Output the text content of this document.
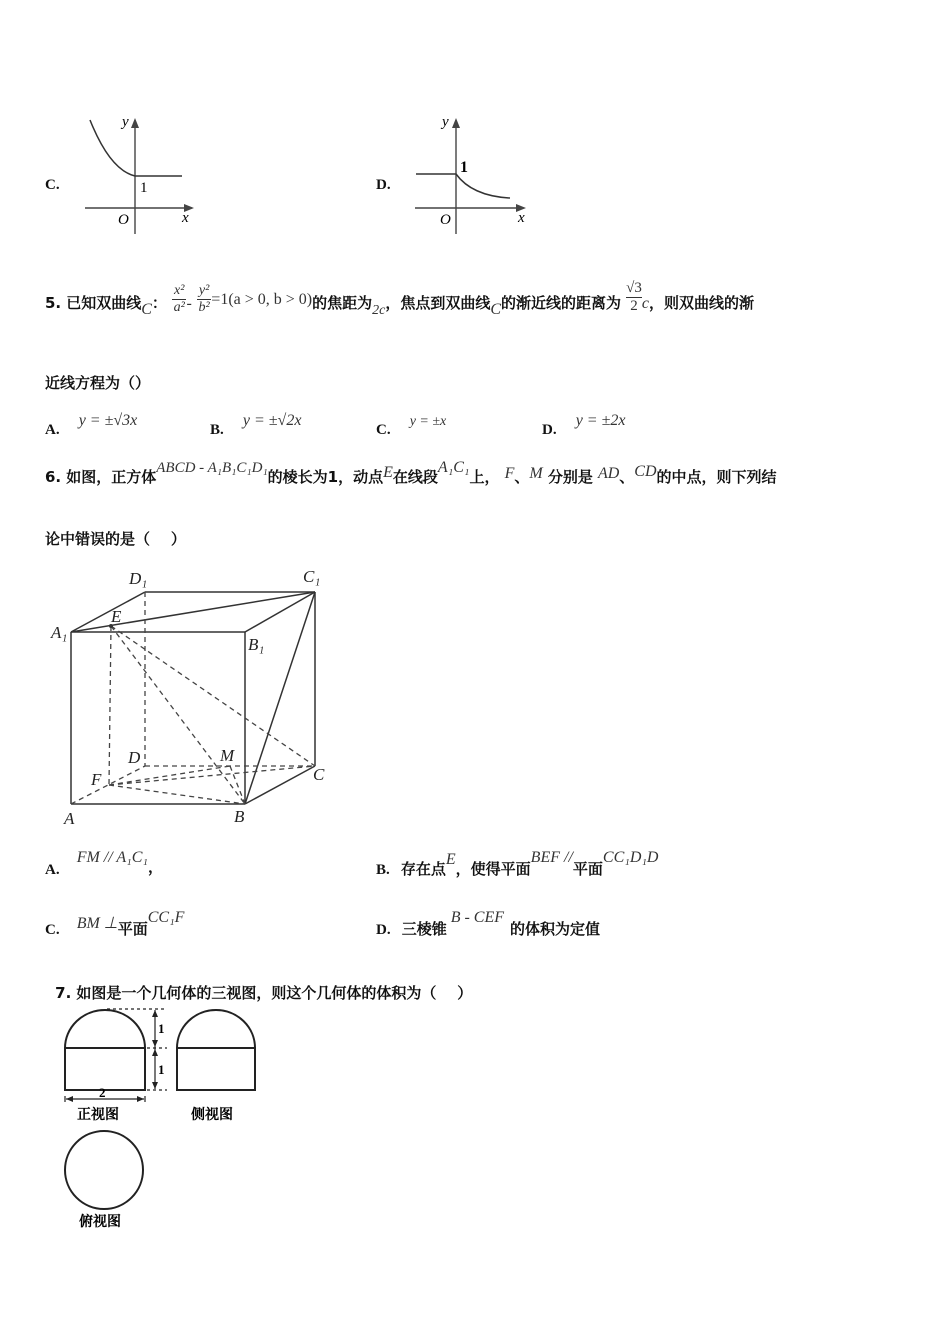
C.
y
x
O
1	D.
y
x
O
1
5. 已知双曲线C： $\frac{\text{x²}}{\text{a²}} - \frac{\text{y²}}{\text{b²}} =1(a > 0$, b > 0)的焦距为2c，焦点到双曲线C的渐近线的距离为 $\frac{√3}{2}$ c，则双曲线的渐
近线方程为（）
A. y = ±√3x
B. y = ±√2x
C. y = ±x
D. y = ±2x
6. 如图，正方体ABCD - A₁B₁C₁D₁的棱长为1，动点E在线段A₁C₁上， F、M 分别是 AD、CD的中点，则下列结
论中错误的是（    ）
D₁	C₁
A₁
B₁
E
D	M
F	C
A	B
A. FM // A₁C₁，	B. 存在点E，使得平面BEF //平面CC₁D₁D
C. BM ⊥平面CC₁F
D. 三棱锥B - CEF的体积为定值

7. 如图是一个几何体的三视图，则这个几何体的体积为（    ）

1
1
2
正视图	侧视图
俯视图
